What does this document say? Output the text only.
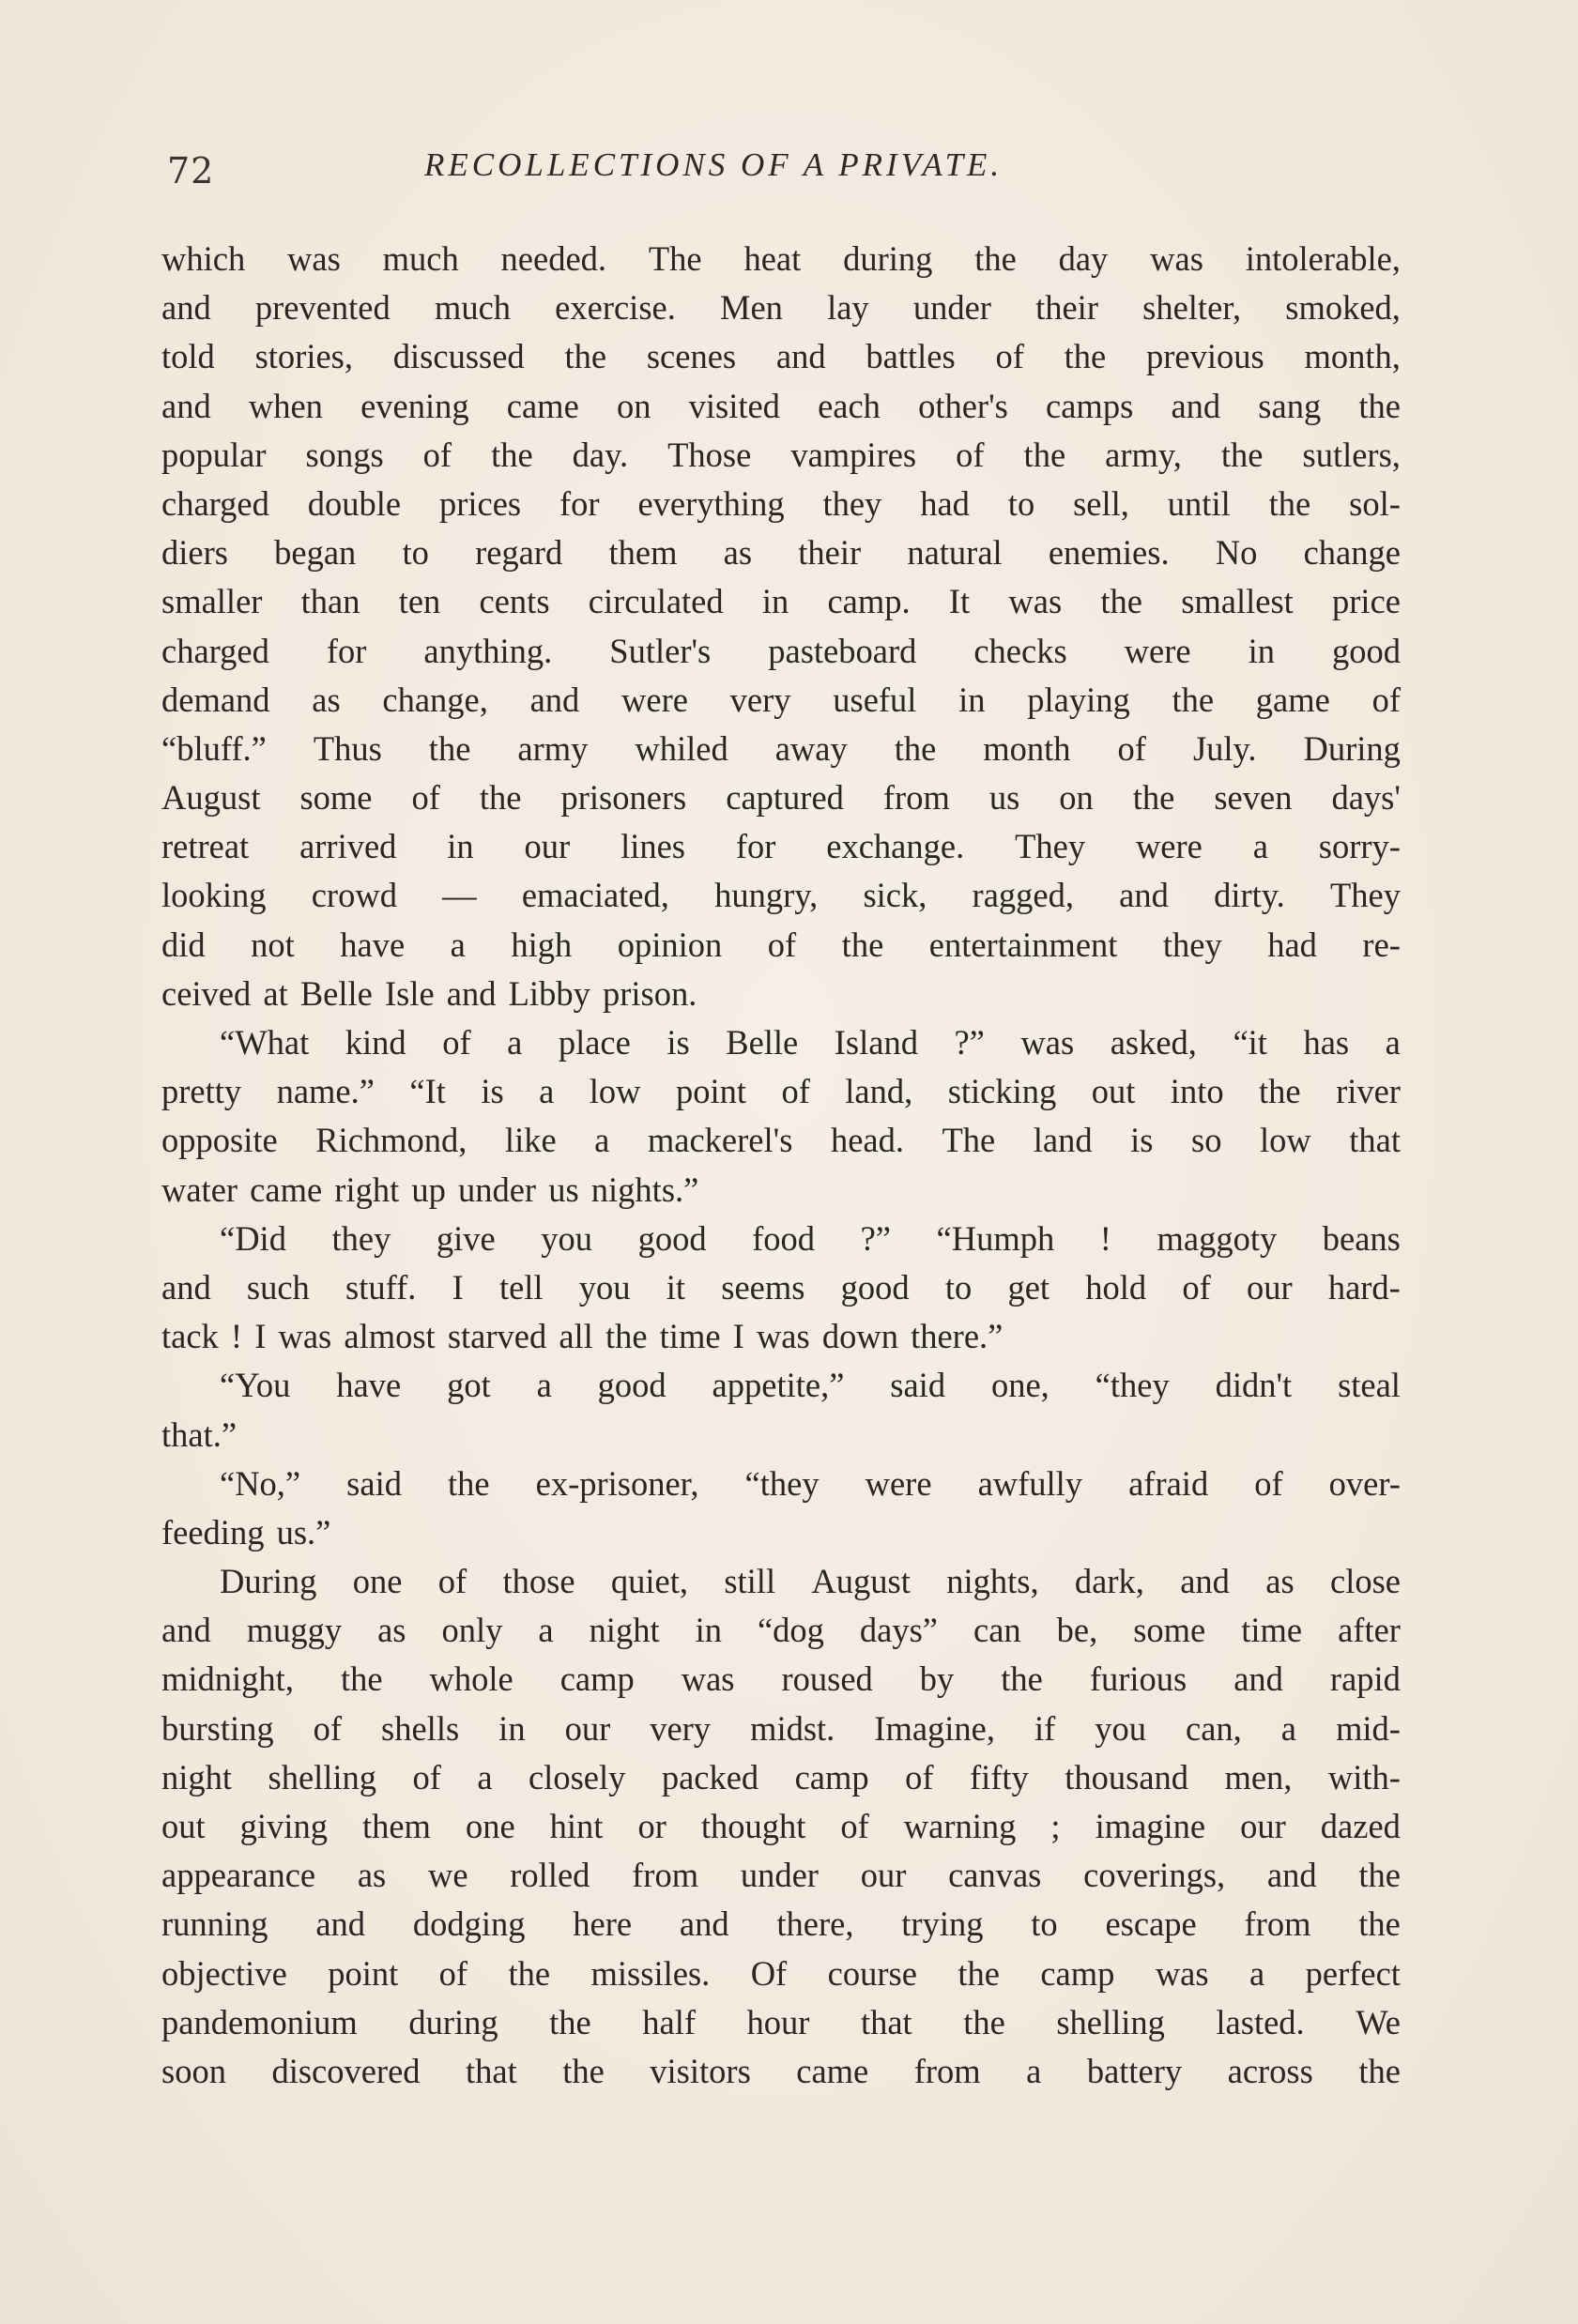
72	RECOLLECTIONS OF A PRIVATE.
which was much needed. The heat during the day was intolerable,
and prevented much exercise. Men lay under their shelter, smoked,
told stories, discussed the scenes and battles of the previous month,
and when evening came on visited each other's camps and sang the
popular songs of the day. Those vampires of the army, the sutlers,
charged double prices for everything they had to sell, until the sol-
diers began to regard them as their natural enemies. No change
smaller than ten cents circulated in camp. It was the smallest price
charged for anything. Sutler's pasteboard checks were in good
demand as change, and were very useful in playing the game of
“bluff.” Thus the army whiled away the month of July. During
August some of the prisoners captured from us on the seven days'
retreat arrived in our lines for exchange. They were a sorry-
looking crowd — emaciated, hungry, sick, ragged, and dirty. They
did not have a high opinion of the entertainment they had re-
ceived at Belle Isle and Libby prison.
“What kind of a place is Belle Island ?” was asked, “it has a
pretty name.” “It is a low point of land, sticking out into the river
opposite Richmond, like a mackerel's head. The land is so low that
water came right up under us nights.”
“Did they give you good food ?” “Humph ! maggoty beans
and such stuff. I tell you it seems good to get hold of our hard-
tack ! I was almost starved all the time I was down there.”
“You have got a good appetite,” said one, “they didn't steal
that.”
“No,” said the ex-prisoner, “they were awfully afraid of over-
feeding us.”
During one of those quiet, still August nights, dark, and as close
and muggy as only a night in “dog days” can be, some time after
midnight, the whole camp was roused by the furious and rapid
bursting of shells in our very midst. Imagine, if you can, a mid-
night shelling of a closely packed camp of fifty thousand men, with-
out giving them one hint or thought of warning ; imagine our dazed
appearance as we rolled from under our canvas coverings, and the
running and dodging here and there, trying to escape from the
objective point of the missiles. Of course the camp was a perfect
pandemonium during the half hour that the shelling lasted. We
soon discovered that the visitors came from a battery across the
